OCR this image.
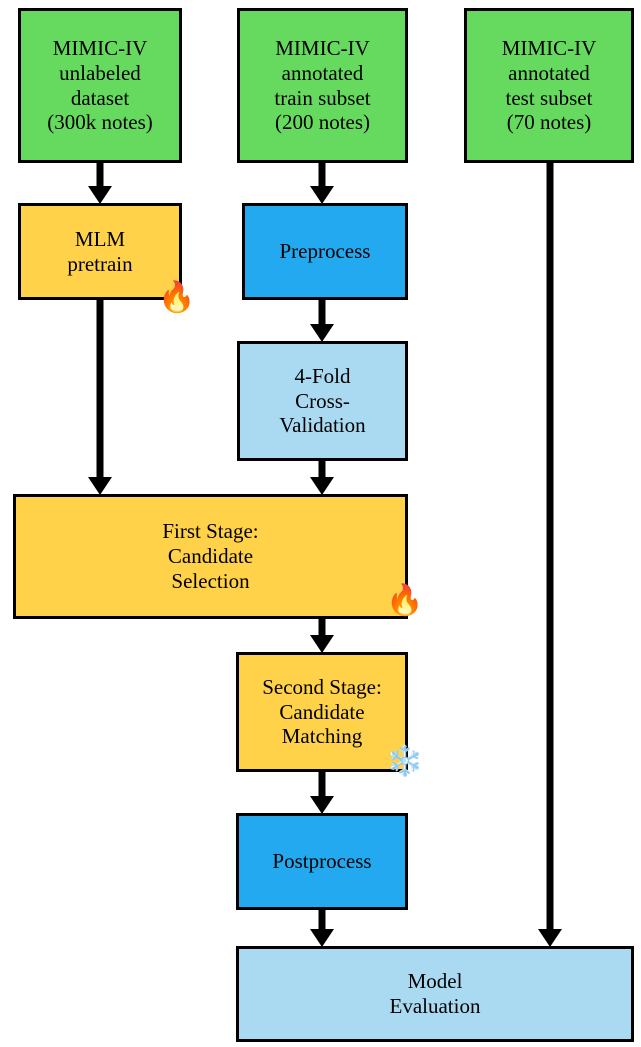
MIMIC-IV
unlabeled
dataset
(300k notes)
MIMIC-IV
annotated
train subset
(200 notes)
MIMIC-IV
annotated
test subset
(70 notes)
MLM
pretrain
Preprocess
4-Fold
Cross-
Validation
First Stage:
Candidate
Selection
Second Stage:
Candidate
Matching
Postprocess
Model
Evaluation
🔥
🔥
❄️
